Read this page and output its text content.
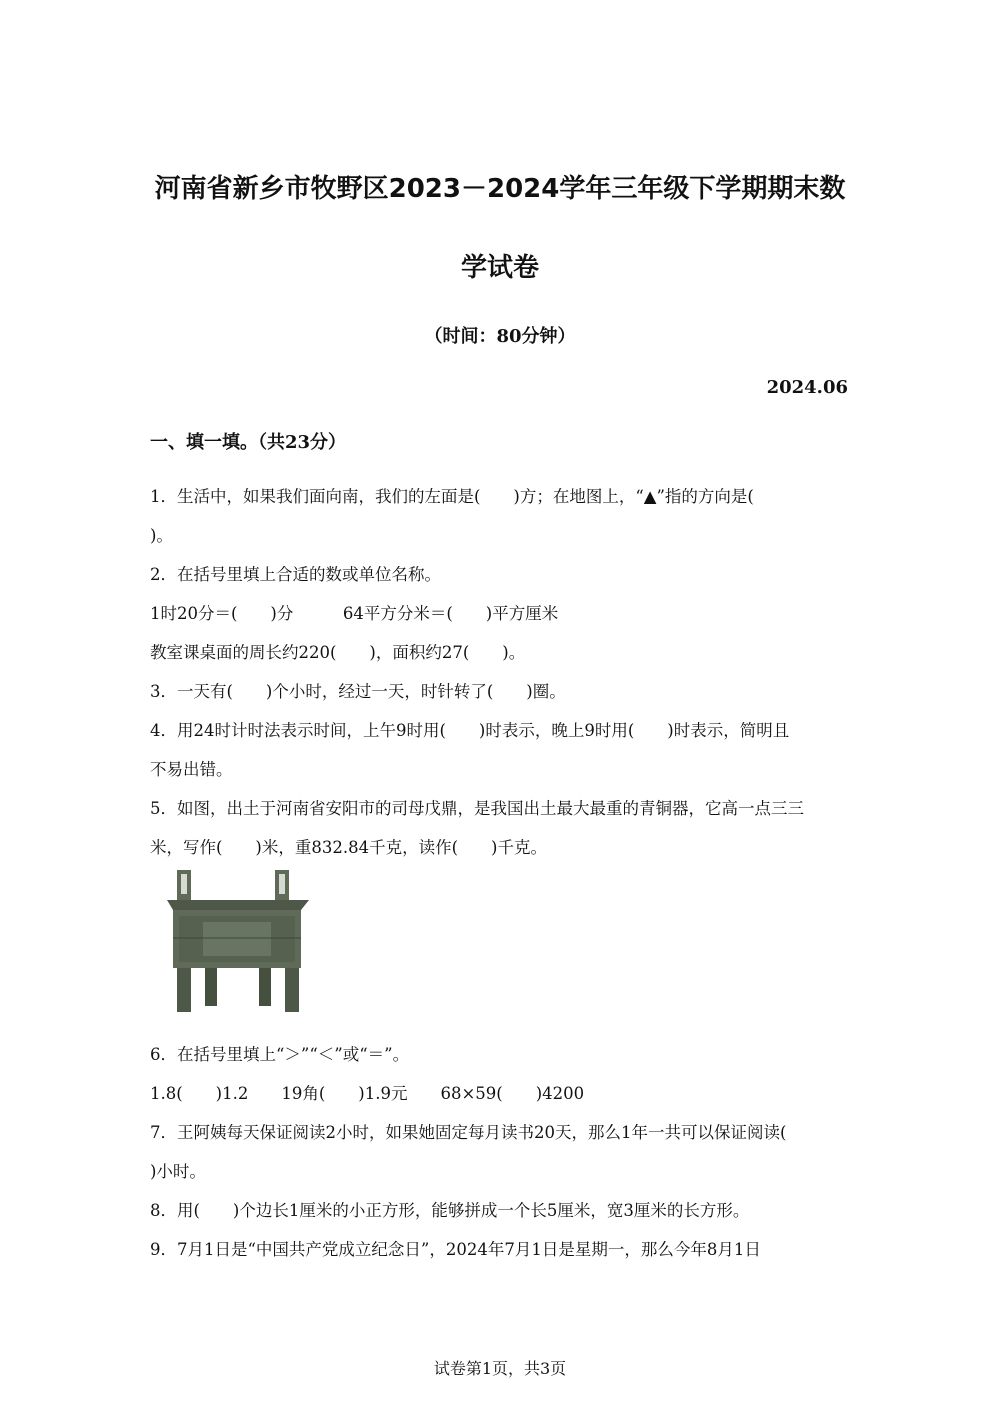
河南省新乡市牧野区2023－2024学年三年级下学期期末数
学试卷
（时间：80分钟）
2024.06
一、填一填。（共23分）
1．生活中，如果我们面向南，我们的左面是(　　)方；在地图上，“▲”指的方向是(
)。
2．在括号里填上合适的数或单位名称。
1时20分＝(　　)分　　　64平方分米＝(　　)平方厘米
教室课桌面的周长约220(　　)，面积约27(　　)。
3．一天有(　　)个小时，经过一天，时针转了(　　)圈。
4．用24时计时法表示时间，上午9时用(　　)时表示，晚上9时用(　　)时表示，简明且
不易出错。
5．如图，出土于河南省安阳市的司母戊鼎，是我国出土最大最重的青铜器，它高一点三三
米，写作(　　)米，重832.84千克，读作(　　)千克。
6．在括号里填上“＞”“＜”或“＝”。
1.8(　　)1.2　　19角(　　)1.9元　　68×59(　　)4200
7．王阿姨每天保证阅读2小时，如果她固定每月读书20天，那么1年一共可以保证阅读(
)小时。
8．用(　　)个边长1厘米的小正方形，能够拼成一个长5厘米，宽3厘米的长方形。
9．7月1日是“中国共产党成立纪念日”，2024年7月1日是星期一，那么今年8月1日
试卷第1页，共3页
